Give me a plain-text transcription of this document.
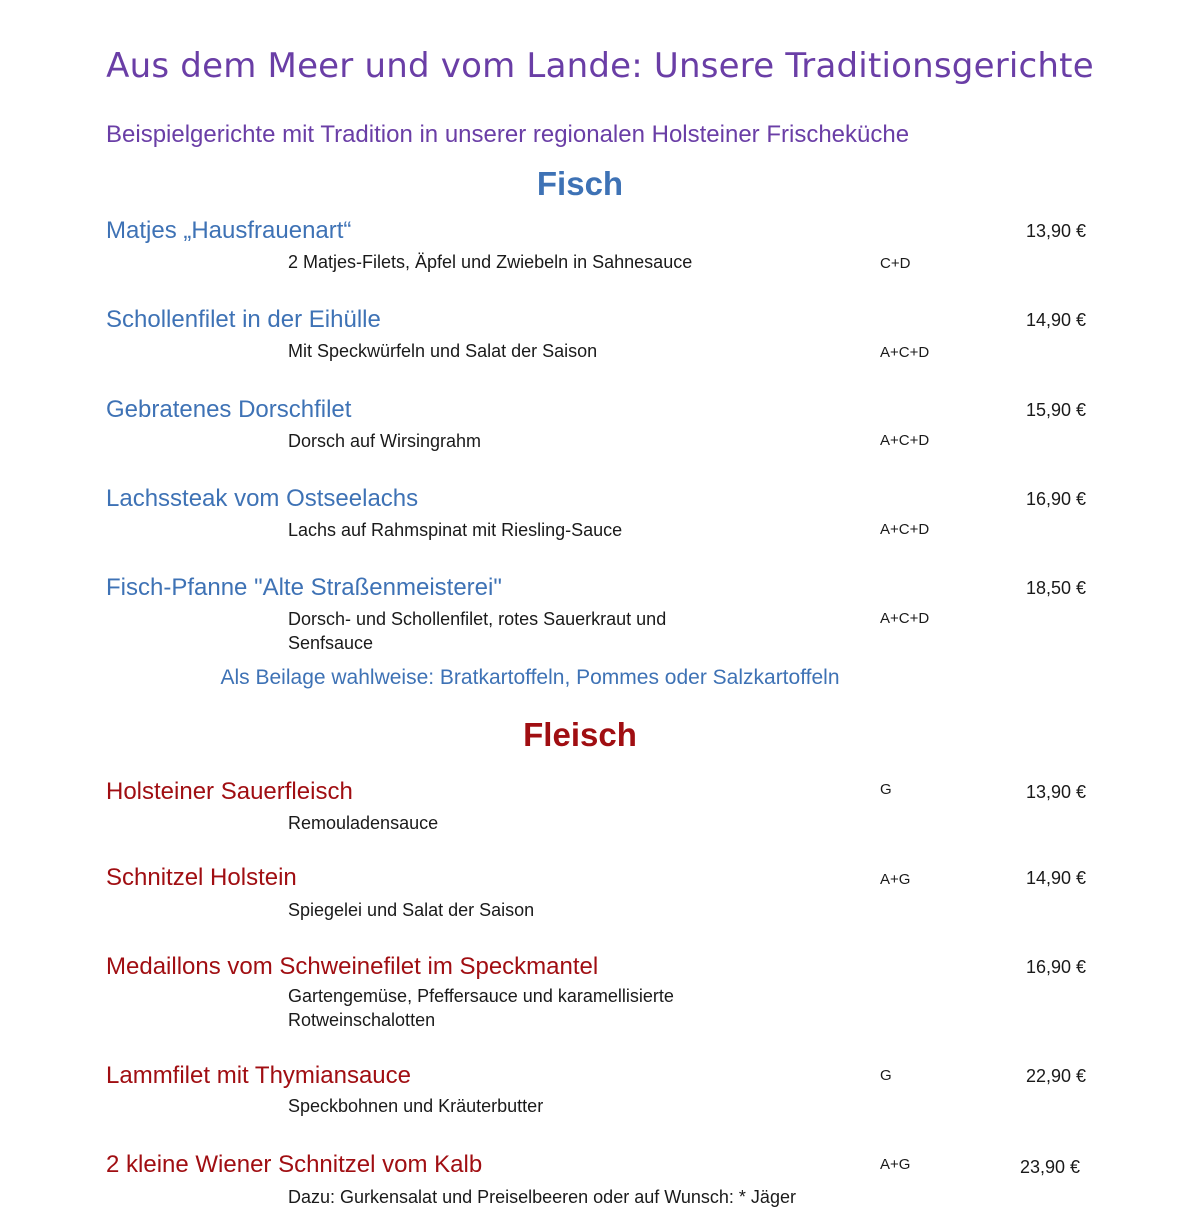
Aus dem Meer und vom Lande: Unsere Traditionsgerichte
Beispielgerichte mit Tradition in unserer regionalen Holsteiner Frischeküche
Fisch
Matjes „Hausfrauenart“
2 Matjes-Filets, Äpfel und Zwiebeln in Sahnesauce	C+D
13,90 €
Schollenfilet in der Eihülle
Mit Speckwürfeln und Salat der Saison	A+C+D
14,90 €
Gebratenes Dorschfilet
Dorsch auf Wirsingrahm	A+C+D
15,90 €
Lachssteak vom Ostseelachs
Lachs auf Rahmspinat mit Riesling-Sauce	A+C+D
16,90 €
Fisch-Pfanne "Alte Straßenmeisterei"
Dorsch- und Schollenfilet, rotes Sauerkraut und Senfsauce
A+C+D
18,50 €
Als Beilage wahlweise: Bratkartoffeln, Pommes oder Salzkartoffeln
Fleisch
Holsteiner Sauerfleisch
Remouladensauce
G	13,90 €
Schnitzel Holstein
Spiegelei und Salat der Saison
A+G	14,90 €
Medaillons vom Schweinefilet im Speckmantel
Gartengemüse, Pfeffersauce und karamellisierte Rotweinschalotten
16,90 €
Lammfilet mit Thymiansauce
Speckbohnen und Kräuterbutter
G	22,90 €
2 kleine Wiener Schnitzel vom Kalb
Dazu: Gurkensalat und Preiselbeeren oder auf Wunsch: * Jäger
A+G	23,90 €
